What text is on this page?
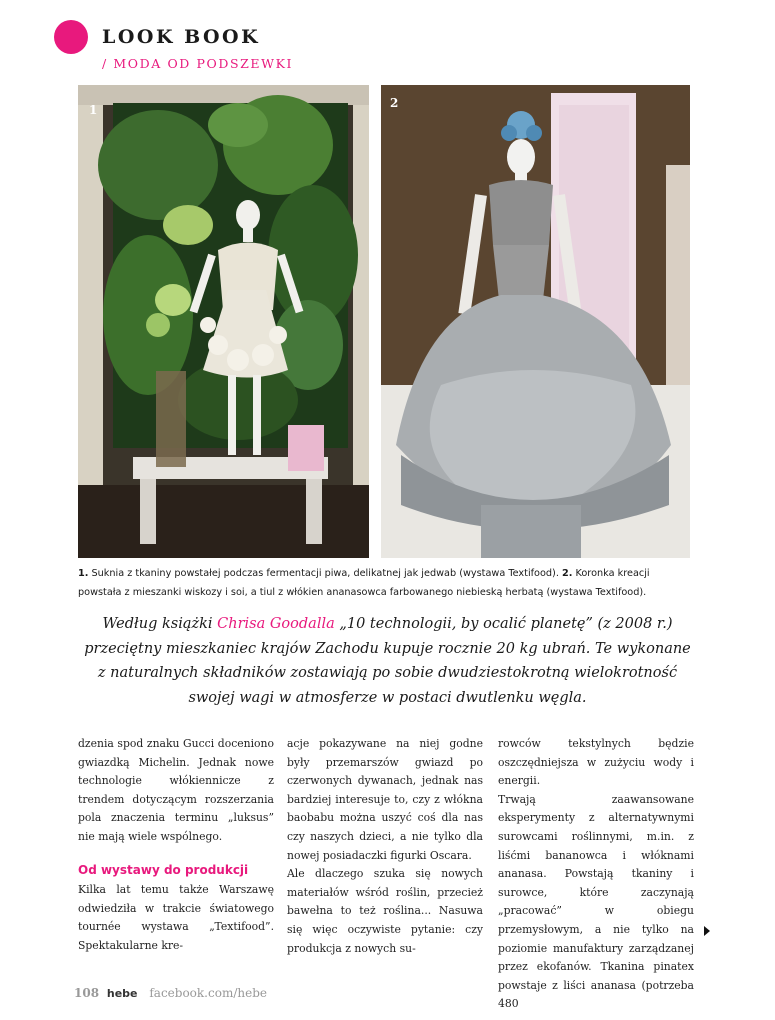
LOOK BOOK
/ MODA OD PODSZEWKI
1	2
1. Suknia z tkaniny powstałej podczas fermentacji piwa, delikatnej jak jedwab (wystawa Textifood). 2. Koronka kreacji powstała z mieszanki wiskozy i soi, a tiul z włókien ananasowca farbowanego niebieską herbatą (wystawa Textifood).
Według książki Chrisa Goodalla „10 technologii, by ocalić planetę” (z 2008 r.) przeciętny mieszkaniec krajów Zachodu kupuje rocznie 20 kg ubrań. Te wykonane z naturalnych składników zostawiają po sobie dwudziestokrotną wielokrotność swojej wagi w atmosferze w postaci dwutlenku węgla.

dzenia spod znaku Gucci doceniono gwiazdką Michelin. Jednak nowe technologie włókiennicze z trendem dotyczącym rozszerzania pola znaczenia terminu „luksus” nie mają wiele wspólnego.

Od wystawy do produkcji

Kilka lat temu także Warszawę odwiedziła w trakcie światowego tournée wystawa „Textifood”. Spektakularne kre-

acje pokazywane na niej godne były przemarszów gwiazd po czerwonych dywanach, jednak nas bardziej interesuje to, czy z włókna baobabu można uszyć coś dla nas czy naszych dzieci, a nie tylko dla nowej posiadaczki figurki Oscara.

Ale dlaczego szuka się nowych materiałów wśród roślin, przecież bawełna to też roślina... Nasuwa się więc oczywiste pytanie: czy produkcja z nowych su-

rowców tekstylnych będzie oszczędniejsza w zużyciu wody i energii.

Trwają zaawansowane eksperymenty z alternatywnymi surowcami roślinnymi, m.in. z liśćmi bananowca i włóknami ananasa. Powstają tkaniny i surowce, które zaczynają „pracować” w obiegu przemysłowym, a nie tylko na poziomie manufaktury zarządzanej przez ekofanów. Tkanina pinatex powstaje z liści ananasa (potrzeba 480

108 hebe facebook.com/hebe
